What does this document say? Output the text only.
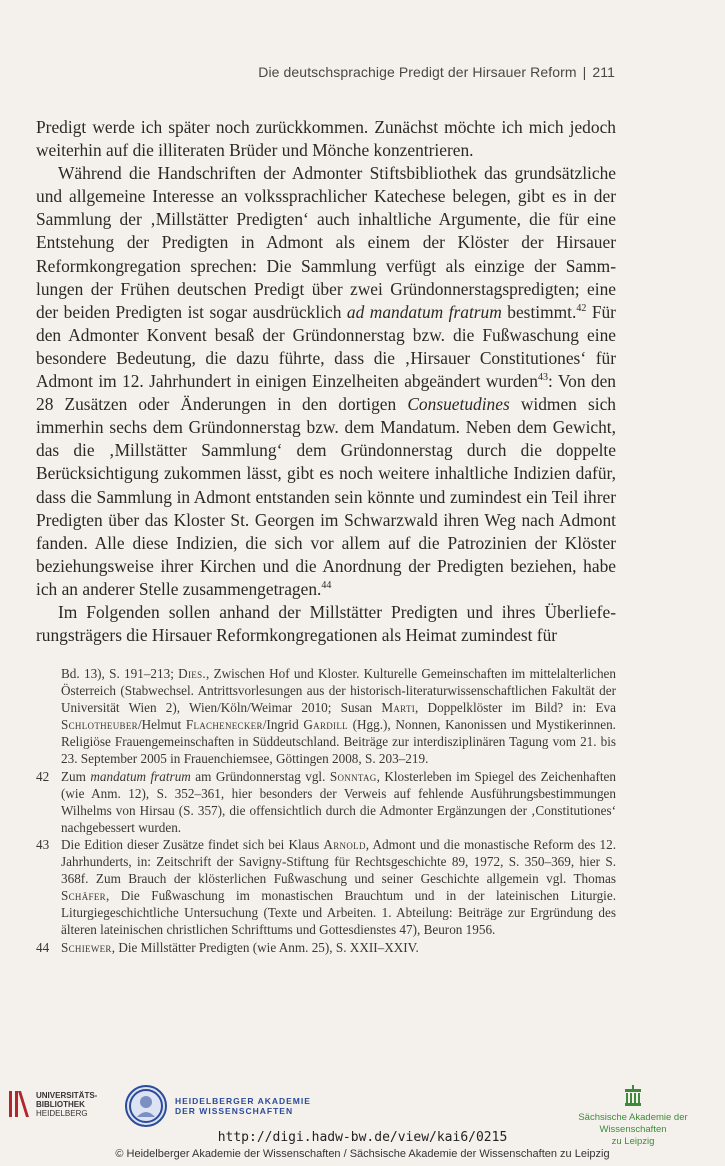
Die deutschsprachige Predigt der Hirsauer Reform | 211

Predigt werde ich später noch zurückkommen. Zunächst möchte ich mich jedoch weiterhin auf die illiteraten Brüder und Mönche konzentrieren.

Während die Handschriften der Admonter Stiftsbibliothek das grundsätzliche und allgemeine Interesse an volkssprachlicher Katechese belegen, gibt es in der Sammlung der ‚Millstätter Predigten‘ auch inhaltliche Argumente, die für eine Entstehung der Predigten in Admont als einem der Klöster der Hirsauer Reformkongregation sprechen: Die Sammlung verfügt als einzige der Sammlungen der Frühen deutschen Predigt über zwei Gründonnerstagspredigten; eine der beiden Predigten ist sogar ausdrücklich ad mandatum fratrum bestimmt.$^{42}$ Für den Admonter Konvent besaß der Gründonnerstag bzw. die Fußwaschung eine besondere Bedeutung, die dazu führte, dass die ‚Hirsauer Constitutiones‘ für Admont im 12. Jahrhundert in einigen Einzelheiten abgeändert wurden$^{43}$: Von den 28 Zusätzen oder Änderungen in den dortigen Consuetudines widmen sich immerhin sechs dem Gründonnerstag bzw. dem Mandatum. Neben dem Gewicht, das die ‚Millstätter Sammlung‘ dem Gründonnerstag durch die doppelte Berücksichtigung zukommen lässt, gibt es noch weitere inhaltliche Indizien dafür, dass die Sammlung in Admont entstanden sein könnte und zumindest ein Teil ihrer Predigten über das Kloster St. Georgen im Schwarzwald ihren Weg nach Admont fanden. Alle diese Indizien, die sich vor allem auf die Patrozinien der Klöster beziehungsweise ihrer Kirchen und die Anordnung der Predigten beziehen, habe ich an anderer Stelle zusammengetragen.$^{44}$

Im Folgenden sollen anhand der Millstätter Predigten und ihres Überlieferungsträgers die Hirsauer Reformkongregationen als Heimat zumindest für

Bd. 13), S. 191–213; Dies., Zwischen Hof und Kloster. Kulturelle Gemeinschaften im mittelalterlichen Österreich (Stabwechsel. Antrittsvorlesungen aus der historisch-literaturwissenschaftlichen Fakultät der Universität Wien 2), Wien/Köln/Weimar 2010; Susan Marti, Doppelklöster im Bild? in: Eva Schlotheuber/Helmut Flachenecker/Ingrid Gardill (Hgg.), Nonnen, Kanonissen und Mystikerinnen. Religiöse Frauengemeinschaften in Süddeutschland. Beiträge zur interdisziplinären Tagung vom 21. bis 23. September 2005 in Frauenchiemsee, Göttingen 2008, S. 203–219.
42 Zum mandatum fratrum am Gründonnerstag vgl. Sonntag, Klosterleben im Spiegel des Zeichenhaften (wie Anm. 12), S. 352–361, hier besonders der Verweis auf fehlende Ausführungsbestimmungen Wilhelms von Hirsau (S. 357), die offensichtlich durch die Admonter Ergänzungen der ‚Constitutiones‘ nachgebessert wurden.
43 Die Edition dieser Zusätze findet sich bei Klaus Arnold, Admont und die monastische Reform des 12. Jahrhunderts, in: Zeitschrift der Savigny-Stiftung für Rechtsgeschichte 89, 1972, S. 350–369, hier S. 368f. Zum Brauch der klösterlichen Fußwaschung und seiner Geschichte allgemein vgl. Thomas Schäfer, Die Fußwaschung im monastischen Brauchtum und in der lateinischen Liturgie. Liturgiegeschichtliche Untersuchung (Texte und Arbeiten. 1. Abteilung: Beiträge zur Ergründung des älteren lateinischen christlichen Schrifttums und Gottesdienstes 47), Beuron 1956.
44 Schiewer, Die Millstätter Predigten (wie Anm. 25), S. XXII–XXIV.
UNIVERSITÄTS-
BIBLIOTHEK
HEIDELBERG
HEIDELBERGER AKADEMIE
DER WISSENSCHAFTEN
Sächsische Akademie der Wissenschaften
zu Leipzig
http://digi.hadw-bw.de/view/kai6/0215
© Heidelberger Akademie der Wissenschaften / Sächsische Akademie der Wissenschaften zu Leipzig
